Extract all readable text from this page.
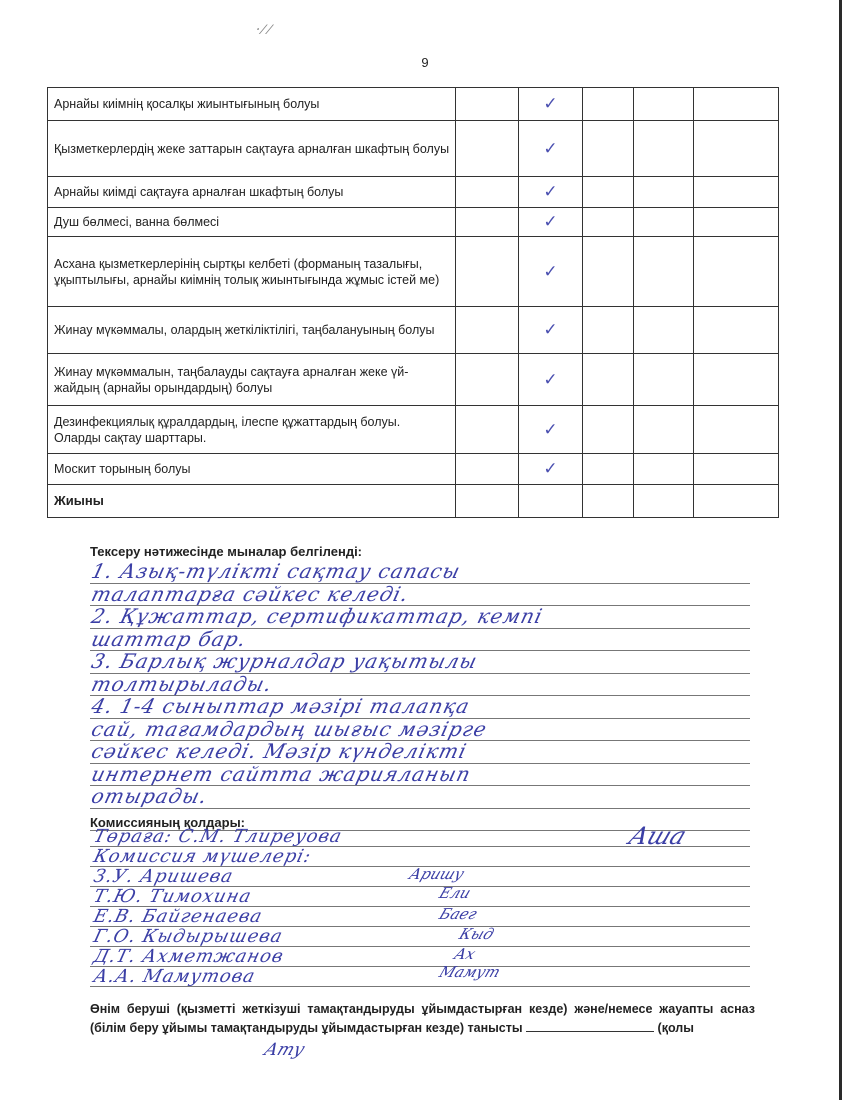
⸱ ⁄ ⁄
9
Арнайы киімнің қосалқы жиынтығының болуы		✓			
Қызметкерлердің жеке заттарын сақтауға арналған шкафтың болуы		✓			
Арнайы киімді сақтауға арналған шкафтың болуы		✓			
Душ бөлмесі, ванна бөлмесі		✓			
Асхана қызметкерлерінің сыртқы келбеті (форманың тазалығы, ұқыптылығы, арнайы киімнің толық жиынтығында жұмыс істей ме)		✓			
Жинау мүкәммалы, олардың жеткіліктілігі, таңбалануының болуы		✓			
Жинау мүкәммалын, таңбалауды сақтауға арналған жеке үй-жайдың (арнайы орындардың) болуы		✓			
Дезинфекциялық құралдардың, ілеспе құжаттардың болуы. Оларды сақтау шарттары.		✓			
Москит торының болуы		✓			
Жиыны					
Тексеру нәтижесінде мыналар белгіленді:
1. Азық-түлікті сақтау сапасы
талаптарға сәйкес келеді.
2. Құжаттар, сертификаттар, кемпі
шаттар бар.
3. Барлық журналдар уақытылы
толтырылады.
4. 1-4 сыныптар мәзірі талапқа
сай, тағамдардың шығыс мәзірге
сәйкес келеді. Мәзір күнделікті
интернет сайтта жарияланып
отырады.
Комиссияның қолдары:
Төраға: С.М. Тлиреуова
Комиссия мүшелері:
З.У. Аришева
Т.Ю. Тимохина
Е.В. Байгенаева
Г.О. Кыдырышева
Д.Т. Ахметжанов
А.А. Мамутова
Аша
Аришу
Ели
Баег
Кыд
Ах
Мамут
Өнім беруші (қызметті жеткізуші тамақтандыруды ұйымдастырған кезде) және/немесе жауапты асназ (білім беру ұйымы тамақтандыруды ұйымдастырған кезде) танысты	(қолы
Ату
